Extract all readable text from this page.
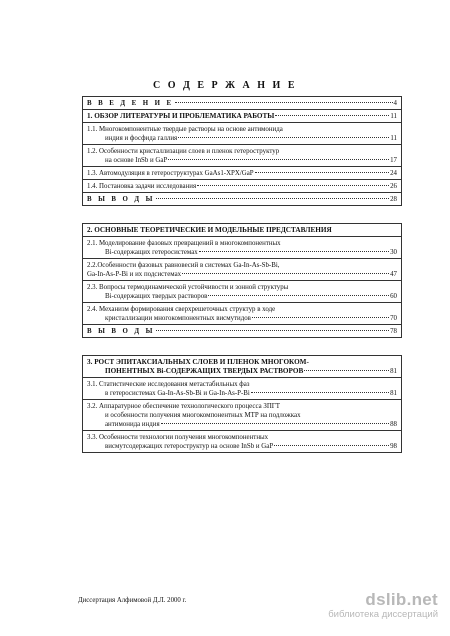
С О Д Е Р Ж А Н И Е
В В Е Д Е Н И Е	4
1. ОБЗОР ЛИТЕРАТУРЫ И ПРОБЛЕМАТИКА РАБОТЫ	11
1.1. Многокомпонентные твердые растворы на основе антимонида
индия и фосфида галлия	11
1.2. Особенности кристаллизации слоев и пленок гетероструктур
на основе InSb и GaP	17
1.3. Автомодуляция в гетероструктурах GaAs1-XPX/GaP	24
1.4. Постановка задачи исследования	26
В Ы В О Д Ы	28
2. ОСНОВНЫЕ ТЕОРЕТИЧЕСКИЕ И МОДЕЛЬНЫЕ ПРЕДСТАВЛЕНИЯ
2.1. Моделирование фазовых превращений в многокомпонентных
Bi-содержащих гетеросистемах	30
2.2.Особенности фазовых равновесий в системах Ga-In-As-Sb-Bi,
Ga-In-As-P-Bi и их подсистемах	47
2.3. Вопросы термодинамической устойчивости и зонной структуры
Bi-содержащих твердых растворов	60
2.4. Механизм формирования сверхрешеточных структур в ходе
кристаллизации многокомпонентных висмутидов	70
В Ы В О Д Ы	78
3. РОСТ ЭПИТАКСИАЛЬНЫХ СЛОЕВ И ПЛЕНОК МНОГОКОМ-
ПОНЕНТНЫХ Bi-СОДЕРЖАЩИХ ТВЕРДЫХ РАСТВОРОВ	81
3.1. Статистические исследования метастабильных фаз
в гетеросистемах Ga-In-As-Sb-Bi и Ga-In-As-P-Bi	81
3.2. Аппаратурное обеспечение технологического процесса ЗПГТ
и особенности получения многокомпонентных МТР на подложках
антимонида индия	88
3.3. Особенности технологии получения многокомпонентных
висмутсодержащих гетероструктур на основе InSb и GaP	98
Диссертация Алфимовой Д.Л. 2000 г.	dslib.net
библиотека диссертаций
